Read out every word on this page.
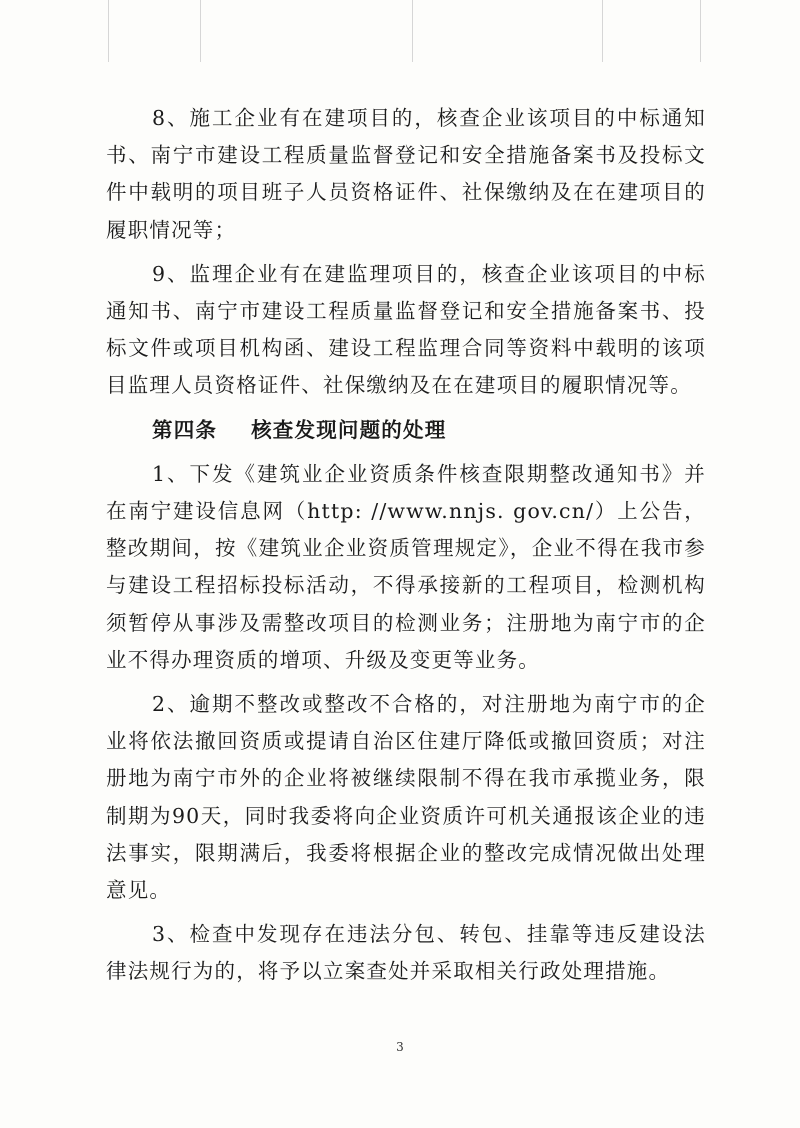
8、施工企业有在建项目的，核查企业该项目的中标通知书、南宁市建设工程质量监督登记和安全措施备案书及投标文件中载明的项目班子人员资格证件、社保缴纳及在在建项目的履职情况等；

9、监理企业有在建监理项目的，核查企业该项目的中标通知书、南宁市建设工程质量监督登记和安全措施备案书、投标文件或项目机构函、建设工程监理合同等资料中载明的该项目监理人员资格证件、社保缴纳及在在建项目的履职情况等。

第四条 核查发现问题的处理

1、下发《建筑业企业资质条件核查限期整改通知书》并在南宁建设信息网（http: //www.nnjs. gov.cn/）上公告，整改期间，按《建筑业企业资质管理规定》，企业不得在我市参与建设工程招标投标活动，不得承接新的工程项目，检测机构须暂停从事涉及需整改项目的检测业务；注册地为南宁市的企业不得办理资质的增项、升级及变更等业务。

2、逾期不整改或整改不合格的，对注册地为南宁市的企业将依法撤回资质或提请自治区住建厅降低或撤回资质；对注册地为南宁市外的企业将被继续限制不得在我市承揽业务，限制期为90天，同时我委将向企业资质许可机关通报该企业的违法事实，限期满后，我委将根据企业的整改完成情况做出处理意见。

3、检查中发现存在违法分包、转包、挂靠等违反建设法律法规行为的，将予以立案查处并采取相关行政处理措施。

3
